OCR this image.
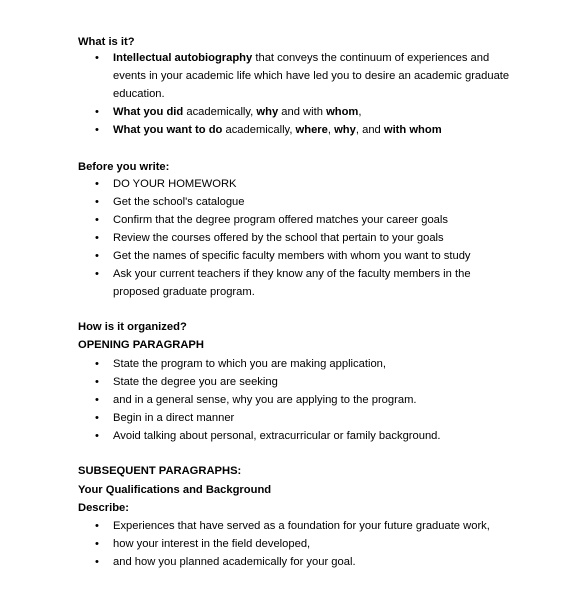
What is it?
• Intellectual autobiography that conveys the continuum of experiences and
events in your academic life which have led you to desire an academic graduate
education.
• What you did academically, why and with whom,
• What you want to do academically, where, why, and with whom
Before you write:
• DO YOUR HOMEWORK
• Get the school's catalogue
• Confirm that the degree program offered matches your career goals
• Review the courses offered by the school that pertain to your goals
• Get the names of specific faculty members with whom you want to study
• Ask your current teachers if they know any of the faculty members in the
proposed graduate program.
How is it organized?
OPENING PARAGRAPH
• State the program to which you are making application,
• State the degree you are seeking
• and in a general sense, why you are applying to the program.
• Begin in a direct manner
• Avoid talking about personal, extracurricular or family background.
SUBSEQUENT PARAGRAPHS:
Your Qualifications and Background
Describe:
• Experiences that have served as a foundation for your future graduate work,
• how your interest in the field developed,
• and how you planned academically for your goal.
